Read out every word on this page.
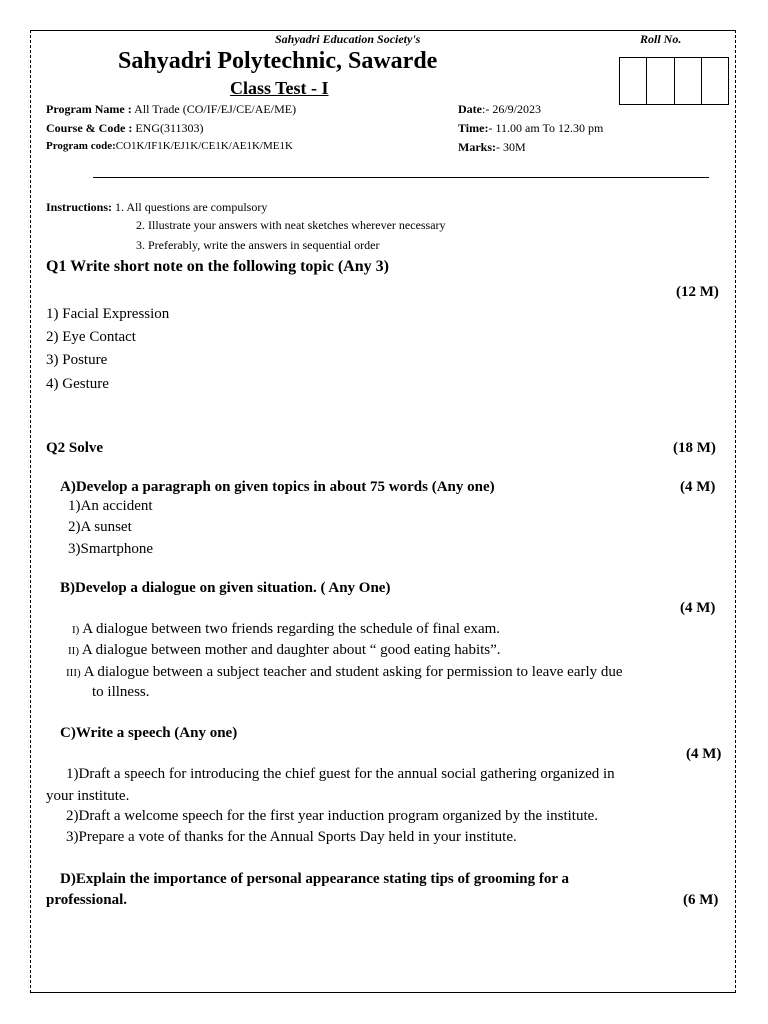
Sahyadri Education Society's	Roll No.
Sahyadri Polytechnic, Sawarde
Class Test - I
Program Name : All Trade (CO/IF/EJ/CE/AE/ME)
Course & Code : ENG(311303)
Program code:CO1K/IF1K/EJ1K/CE1K/AE1K/ME1K
Date:- 26/9/2023
Time:- 11.00 am To 12.30 pm
Marks:- 30M
Instructions: 1. All questions are compulsory
2. Illustrate your answers with neat sketches wherever necessary
3. Preferably, write the answers in sequential order
Q1 Write short note on the following topic (Any 3)
(12 M)
1) Facial Expression
2) Eye Contact
3) Posture
4) Gesture
Q2 Solve	(18 M)
A)Develop a paragraph on given topics in about 75 words (Any one)	(4 M)
1)An accident
2)A sunset
3)Smartphone
B)Develop a dialogue on given situation. ( Any One)
(4 M)
I) A dialogue between two friends regarding the schedule of final exam.
II) A dialogue between mother and daughter about “ good eating habits”.
III) A dialogue between a subject teacher and student asking for permission to leave early due
to illness.
C)Write a speech (Any one)
(4 M)
1)Draft a speech for introducing the chief guest for the annual social gathering organized in
your institute.
2)Draft a welcome speech for the first year induction program organized by the institute.
3)Prepare a vote of thanks for the Annual Sports Day held in your institute.
D)Explain the importance of personal appearance stating tips of grooming for a
professional.	(6 M)
